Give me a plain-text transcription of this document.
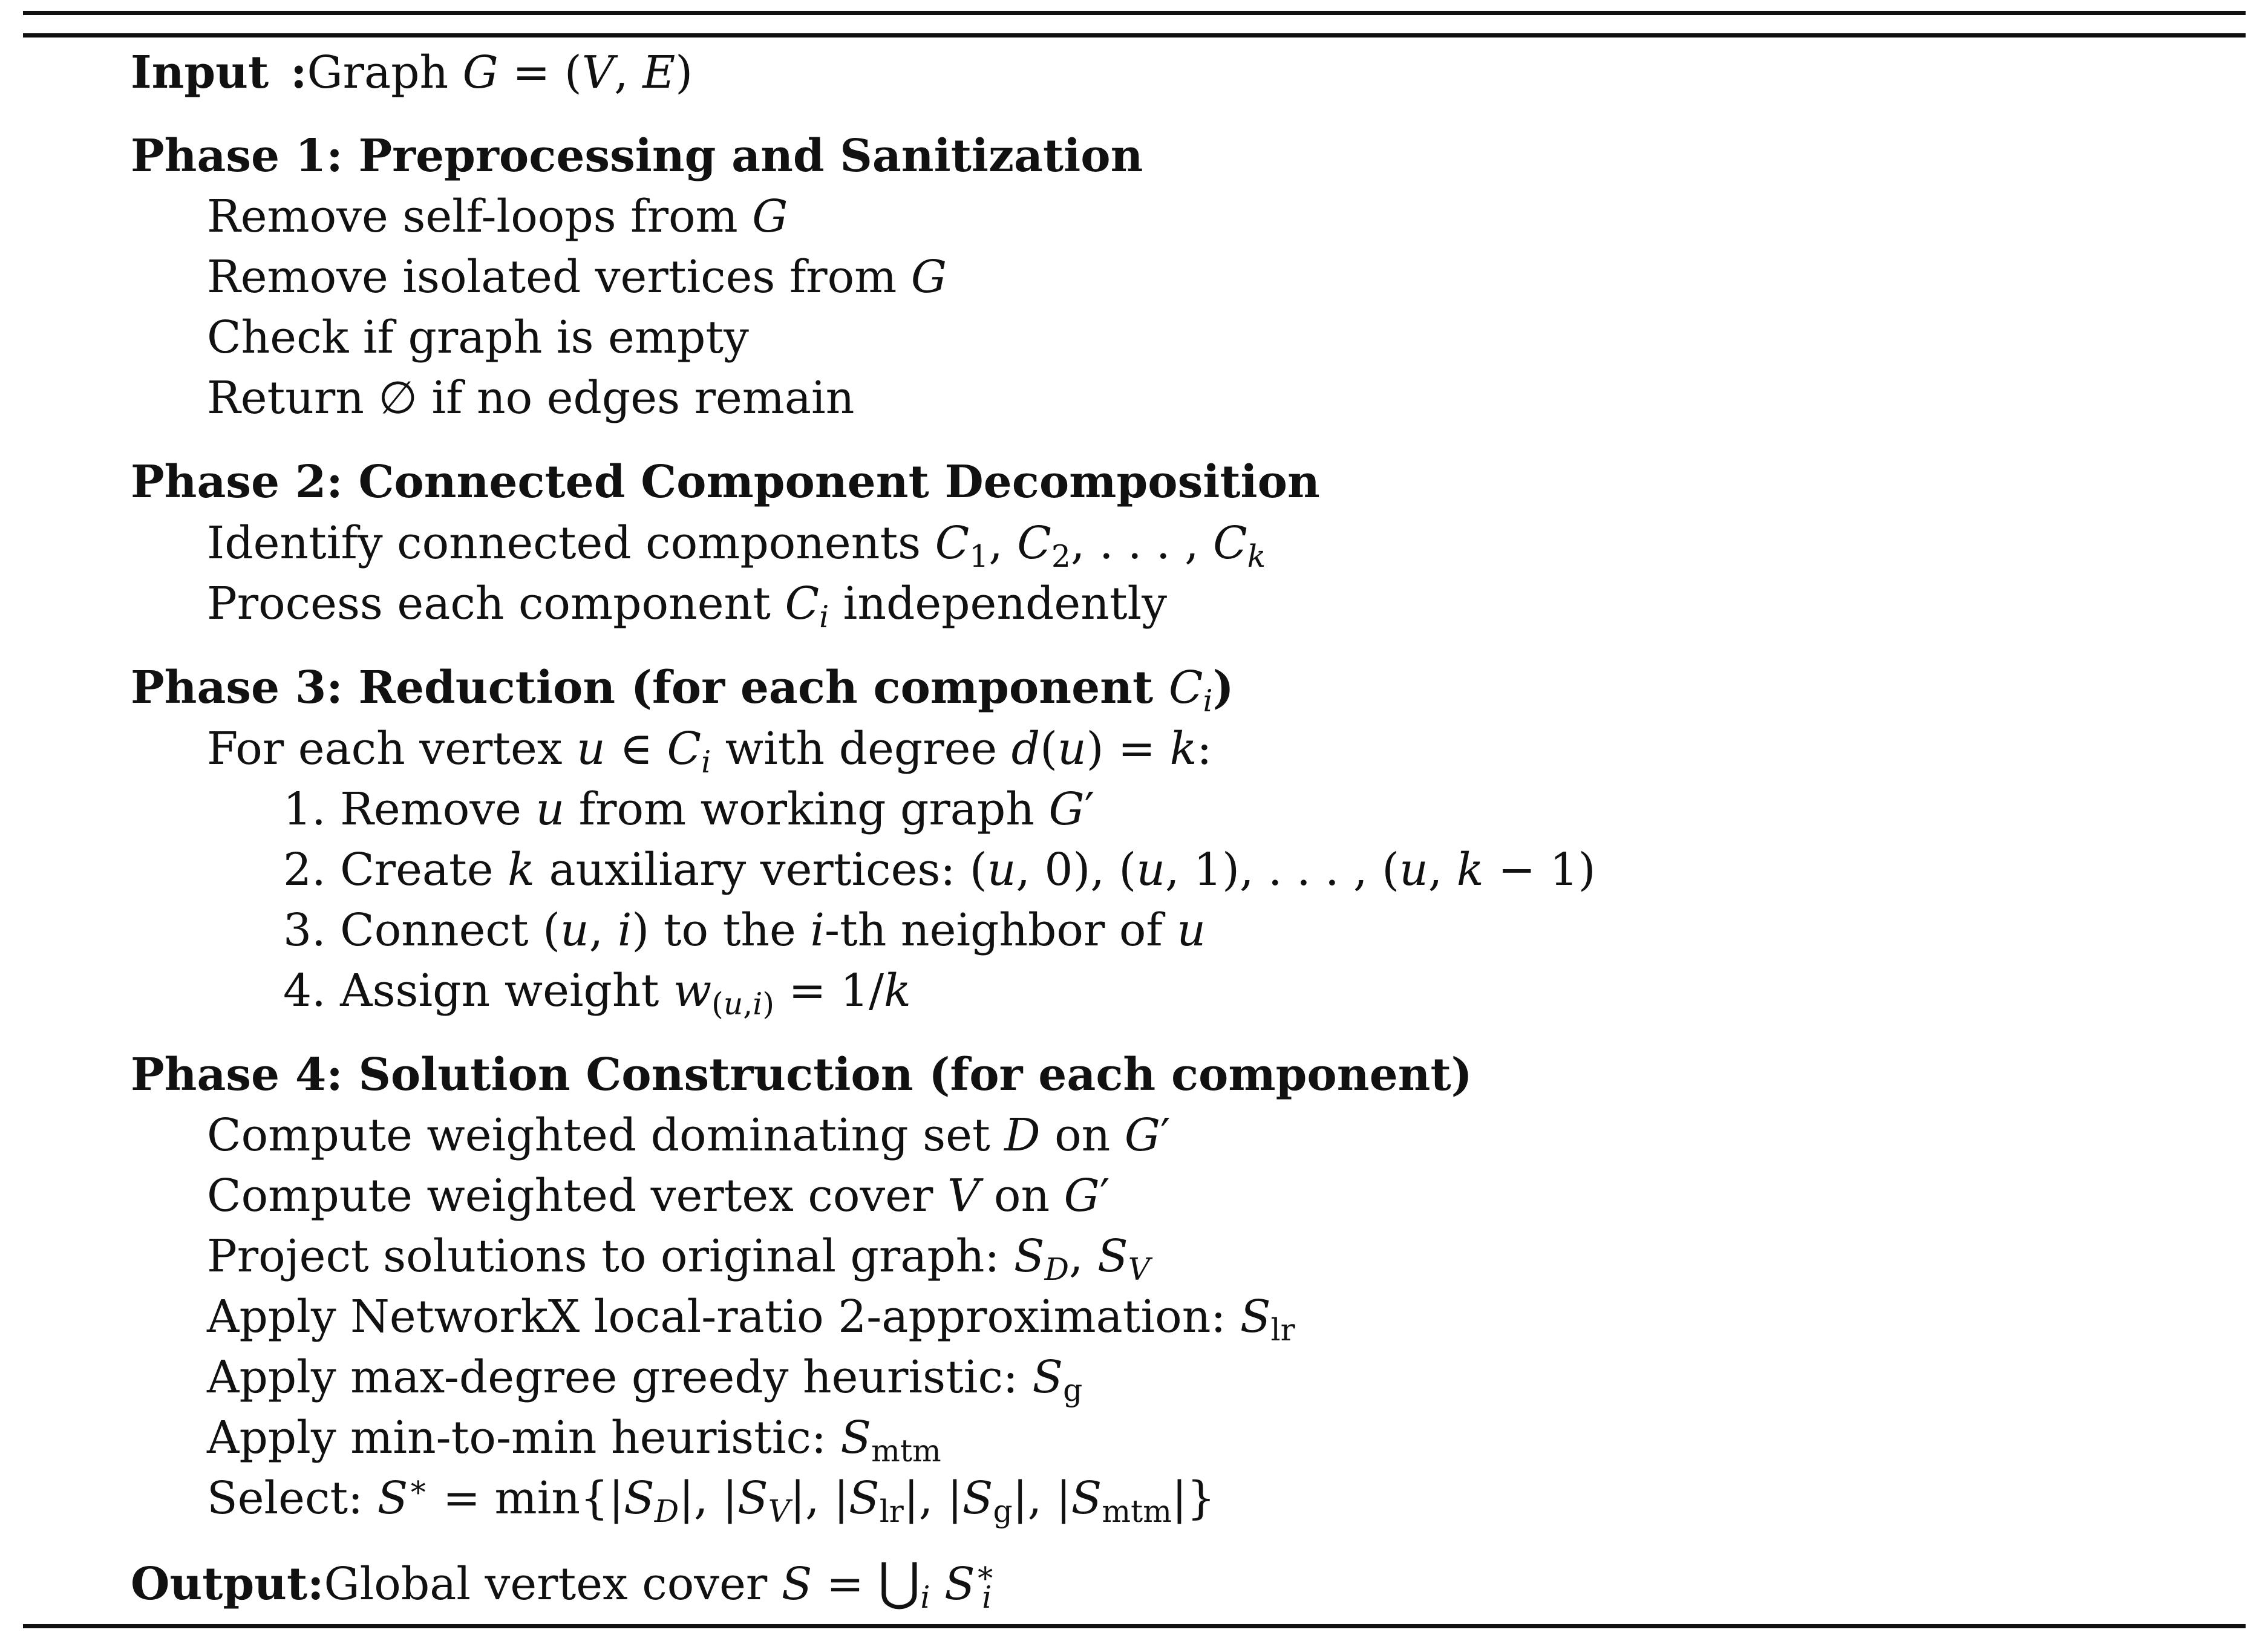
Input :Graph G = (V, E)
Phase 1: Preprocessing and Sanitization
Remove self-loops from G
Remove isolated vertices from G
Check if graph is empty
Return ∅ if no edges remain
Phase 2: Connected Component Decomposition
Identify connected components $C_1$, $C_2$, . . . , $C_k$
Process each component $C_i$ independently
Phase 3: Reduction (for each component $C_i$)
For each vertex u ∈ $C_i$ with degree d(u) = k:
1. Remove u from working graph G′
2. Create k auxiliary vertices: (u, 0), (u, 1), . . . , (u, k − 1)
3. Connect (u, i) to the i-th neighbor of u
4. Assign weight $w_{(u,i)} = 1/k$
Phase 4: Solution Construction (for each component)
Compute weighted dominating set D on G′
Compute weighted vertex cover V on G′
Project solutions to original graph: $S_D$, $S_V$
Apply NetworkX local-ratio 2-approximation: $S_{lr}$
Apply max-degree greedy heuristic: $S_g$
Apply min-to-min heuristic: $S_{mtm}$
Select: $S^∗ = \min\{|S_D|$, $|S_V|$, $|S_{lr}|$, $|S_g|$, $|S_{mtm}|$}
Output:Global vertex cover $S = ⋃_i$ $S^∗_i$
